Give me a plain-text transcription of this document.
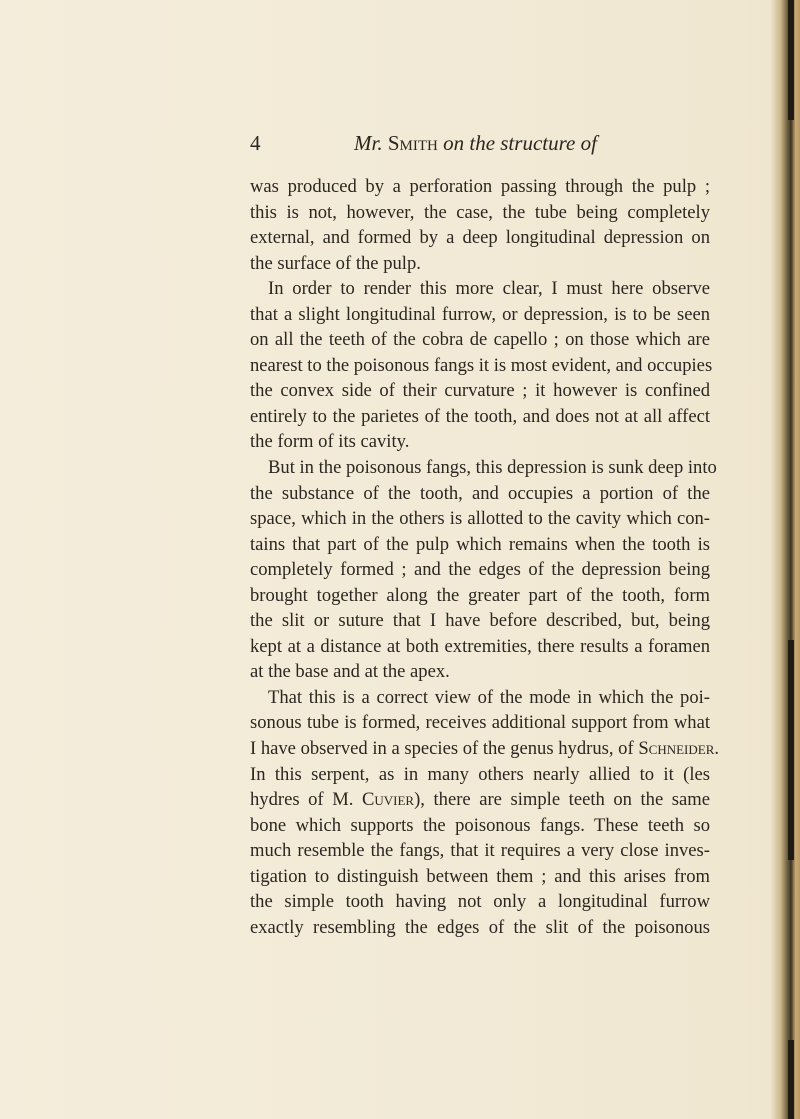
4	Mr. Smith on the structure of
was produced by a perforation passing through the pulp ;
this is not, however, the case, the tube being completely
external, and formed by a deep longitudinal depression on
the surface of the pulp.
In order to render this more clear, I must here observe
that a slight longitudinal furrow, or depression, is to be seen
on all the teeth of the cobra de capello ; on those which are
nearest to the poisonous fangs it is most evident, and occupies
the convex side of their curvature ; it however is confined
entirely to the parietes of the tooth, and does not at all affect
the form of its cavity.
But in the poisonous fangs, this depression is sunk deep into
the substance of the tooth, and occupies a portion of the
space, which in the others is allotted to the cavity which con-
tains that part of the pulp which remains when the tooth is
completely formed ; and the edges of the depression being
brought together along the greater part of the tooth, form
the slit or suture that I have before described, but, being
kept at a distance at both extremities, there results a foramen
at the base and at the apex.
That this is a correct view of the mode in which the poi-
sonous tube is formed, receives additional support from what
I have observed in a species of the genus hydrus, of Schneider.
In this serpent, as in many others nearly allied to it (les
hydres of M. Cuvier), there are simple teeth on the same
bone which supports the poisonous fangs. These teeth so
much resemble the fangs, that it requires a very close inves-
tigation to distinguish between them ; and this arises from
the simple tooth having not only a longitudinal furrow
exactly resembling the edges of the slit of the poisonous
